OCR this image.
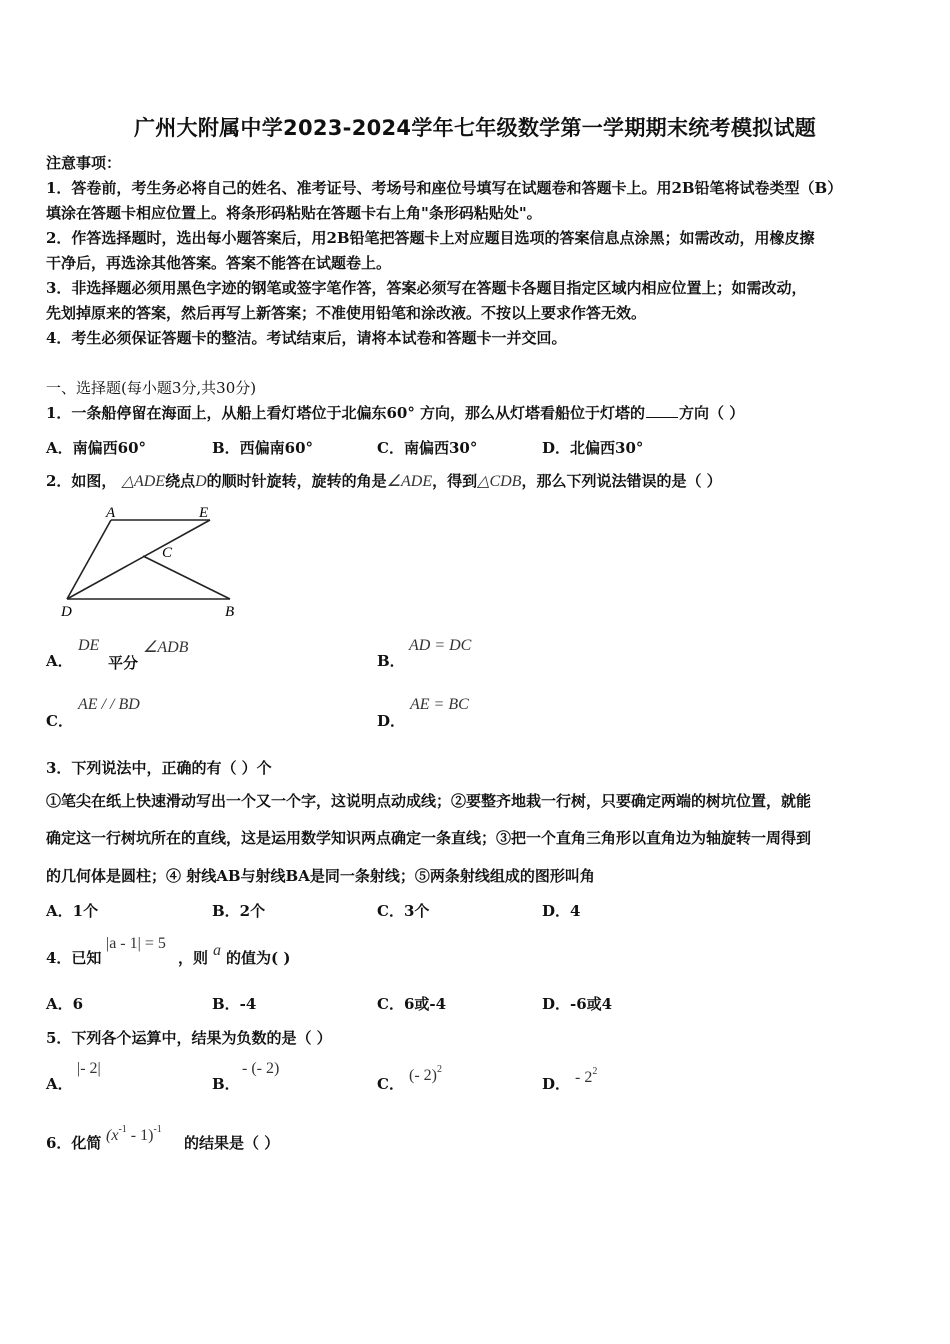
广州大附属中学2023-2024学年七年级数学第一学期期末统考模拟试题
注意事项：
1．答卷前，考生务必将自己的姓名、准考证号、考场号和座位号填写在试题卷和答题卡上。用2B铅笔将试卷类型（B）
填涂在答题卡相应位置上。将条形码粘贴在答题卡右上角"条形码粘贴处"。
2．作答选择题时，选出每小题答案后，用2B铅笔把答题卡上对应题目选项的答案信息点涂黑；如需改动，用橡皮擦
干净后，再选涂其他答案。答案不能答在试题卷上。
3．非选择题必须用黑色字迹的钢笔或签字笔作答，答案必须写在答题卡各题目指定区域内相应位置上；如需改动，
先划掉原来的答案，然后再写上新答案；不准使用铅笔和涂改液。不按以上要求作答无效。
4．考生必须保证答题卡的整洁。考试结束后，请将本试卷和答题卡一并交回。
一、选择题(每小题3分,共30分)
1．一条船停留在海面上，从船上看灯塔位于北偏东60° 方向，那么从灯塔看船位于灯塔的 方向（ ）
A．南偏西60°	B．西偏南60°	C．南偏西30°	D．北偏西30°
2．如图， △ADE绕点D的顺时针旋转，旋转的角是∠ADE，得到△CDB，那么下列说法错误的是（ ）
A	E
C
D	B
A．
DE
平分
∠ADB
B．
AD = DC
C．
AE / / BD
D．
AE = BC
3．下列说法中，正确的有（ ）个
①笔尖在纸上快速滑动写出一个又一个字，这说明点动成线；②要整齐地栽一行树，只要确定两端的树坑位置，就能
确定这一行树坑所在的直线，这是运用数学知识两点确定一条直线；③把一个直角三角形以直角边为轴旋转一周得到
的几何体是圆柱；④ 射线AB与射线BA是同一条射线；⑤两条射线组成的图形叫角
A．1个	B．2个	C．3个	D．4
4．已知
|a - 1| = 5
，则 a 的值为( )
A．6	B．-4	C．6或-4	D．-6或4
5．下列各个运算中，结果为负数的是（ ）
A．
|- 2|
B．
- (- 2)
C． (- 2)$^2$
D． - $2^2$
6．化简 $(x^{-1} - 1)^{-1}$
的结果是（ ）
